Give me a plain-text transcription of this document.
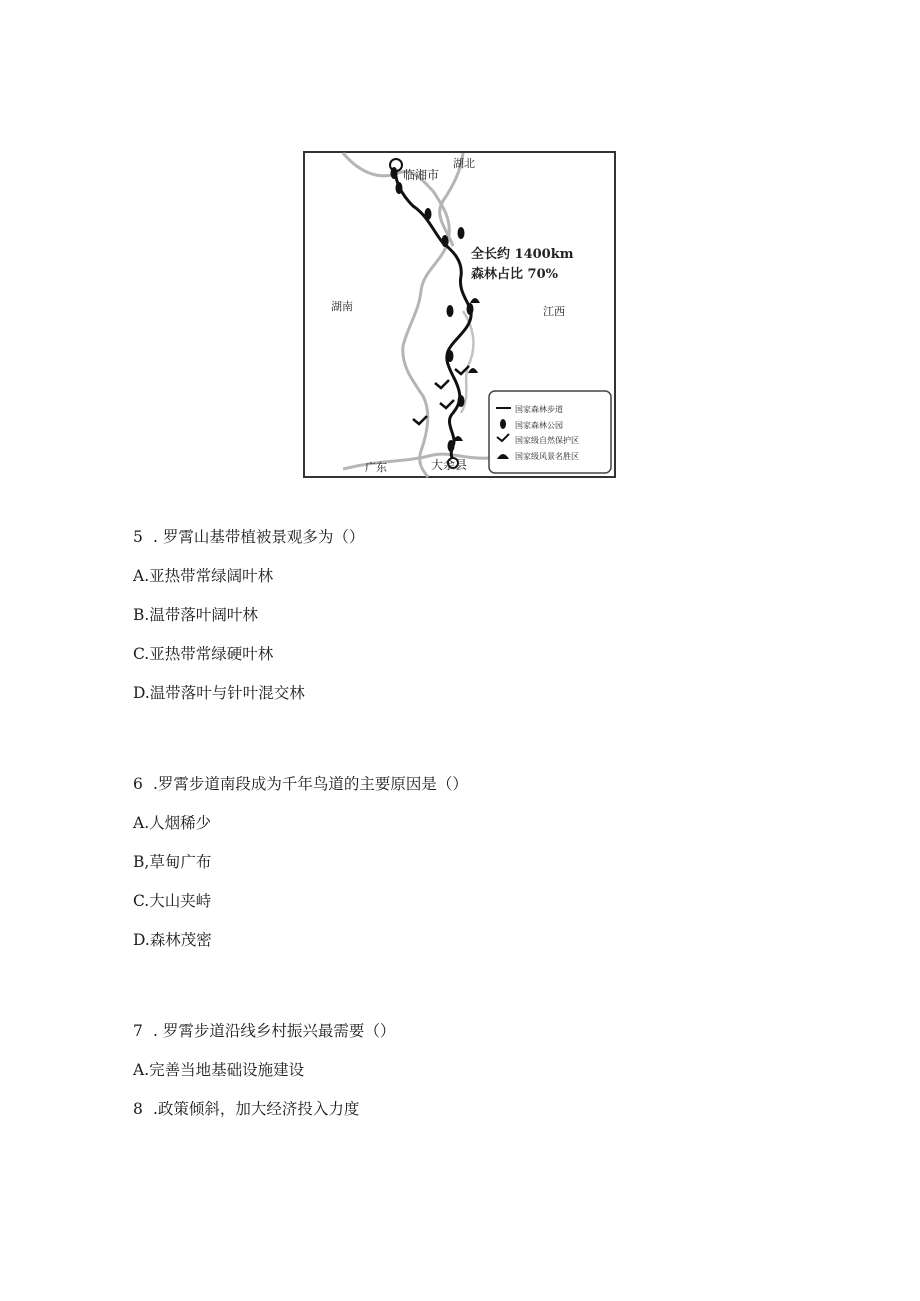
湖北
临湘市
湖南	江西
广东	大余县
全长约 1400km
森林占比 70%
国家森林步道
国家森林公园
国家级自然保护区
国家级风景名胜区
5 . 罗霄山基带植被景观多为（）
A.亚热带常绿阔叶林
B.温带落叶阔叶林
C.亚热带常绿硬叶林
D.温带落叶与针叶混交林
6 .罗霄步道南段成为千年鸟道的主要原因是（）
A.人烟稀少
B,草甸广布
C.大山夹峙
D.森林茂密
7 . 罗霄步道沿线乡村振兴最需要（）
A.完善当地基础设施建设
8 .政策倾斜，加大经济投入力度
